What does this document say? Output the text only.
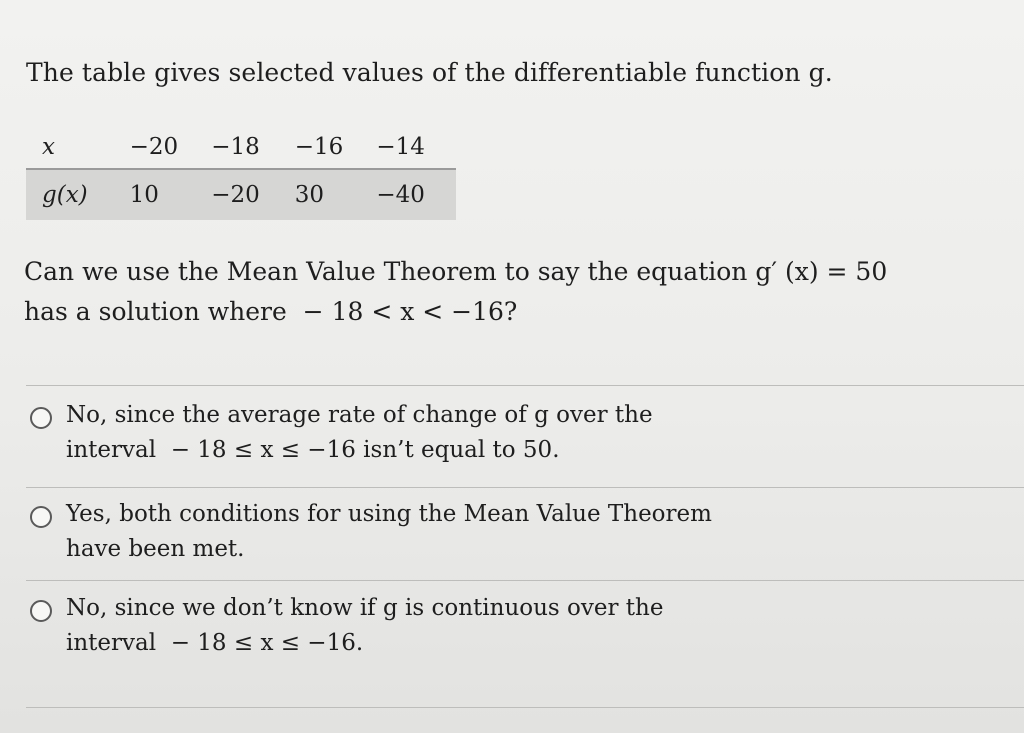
The table gives selected values of the differentiable function g.
x	−20	−18	−16	−14
g(x)	10	−20	30	−40
Can we use the Mean Value Theorem to say the equation g′ (x) = 50
has a solution where  − 18 < x < −16?
No, since the average rate of change of g over the
interval  − 18 ≤ x ≤ −16 isn’t equal to 50.
Yes, both conditions for using the Mean Value Theorem
have been met.
No, since we don’t know if g is continuous over the
interval  − 18 ≤ x ≤ −16.
